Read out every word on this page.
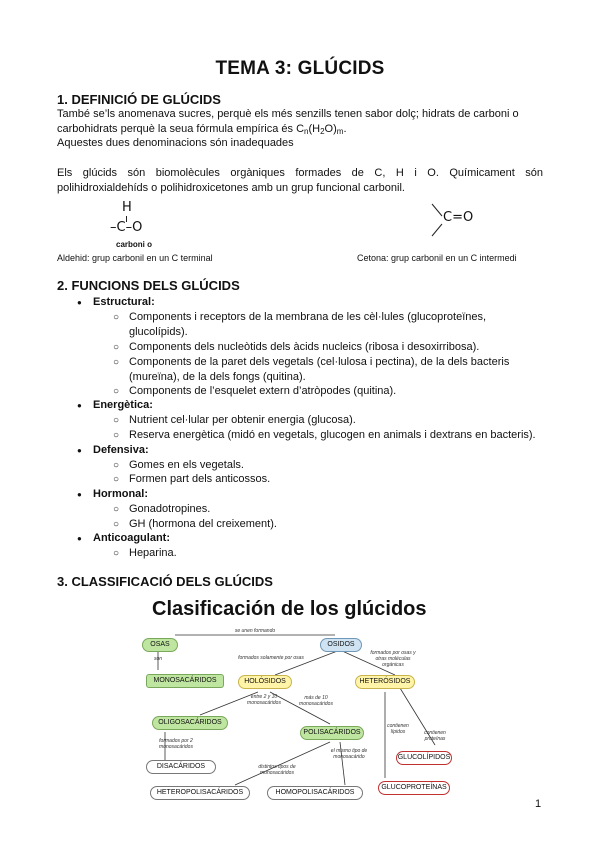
TEMA 3: GLÚCIDS
1. DEFINICIÓ DE GLÚCIDS
També se’ls anomenava sucres, perquè els més senzills tenen sabor dolç; hidrats de carboni o
carbohidrats perquè la seua fórmula empírica és $C_n(H_2O)_m$.
Aquestes dues denominacions són inadequades
Els glúcids són biomolècules orgàniques formades de C, H i O. Químicament són polihidroxialdehíds o polihidroxicetones amb un grup funcional carbonil.
H
–C–O
carboni o
Aldehid: grup carbonil en un C terminal
C=O
Cetona: grup carbonil en un C intermedi
2. FUNCIONS DELS GLÚCIDS
● Estructural:
○ Components i receptors de la membrana de les cèl·lules (glucoproteïnes,
glucolípids).
○ Components dels nucleòtids dels àcids nucleics (ribosa i desoxirribosa).
○ Components de la paret dels vegetals (cel·lulosa i pectina), de la dels bacteris
(mureïna), de la dels fongs (quitina).
○ Components de l’esquelet extern d’atròpodes (quitina).
● Energètica:
○ Nutrient cel·lular per obtenir energia (glucosa).
○ Reserva energètica (midó en vegetals, glucogen en animals i dextrans en bacteris).
● Defensiva:
○ Gomes en els vegetals.
○ Formen part dels anticossos.
● Hormonal:
○ Gonadotropines.
○ GH (hormona del creixement).
● Anticoagulant:
○ Heparina.
3. CLASSIFICACIÓ DELS GLÚCIDS
Clasificación de los glúcidos
OSAS	OSIDOS
MONOSACÁRIDOS	HOLÓSIDOS	HETERÓSIDOS
OLIGOSACÁRIDOS
POLISACÁRIDOS
DISACÁRIDOS
GLUCOLÍPIDOS
HETEROPOLISACÁRIDOS	HOMOPOLISACÁRIDOS
GLUCOPROTEÍNAS
se unen formando
son	formados solamente por osas
formados por osas y otras moléculas orgánicas
entre 2 y 10 monosacáridos
más de 10 monosacáridos
formados por 2 monosacáridos
distintos tipos de monosacáridos
el mismo tipo de monosacárido
contienen lípidos	contienen proteínas
1
